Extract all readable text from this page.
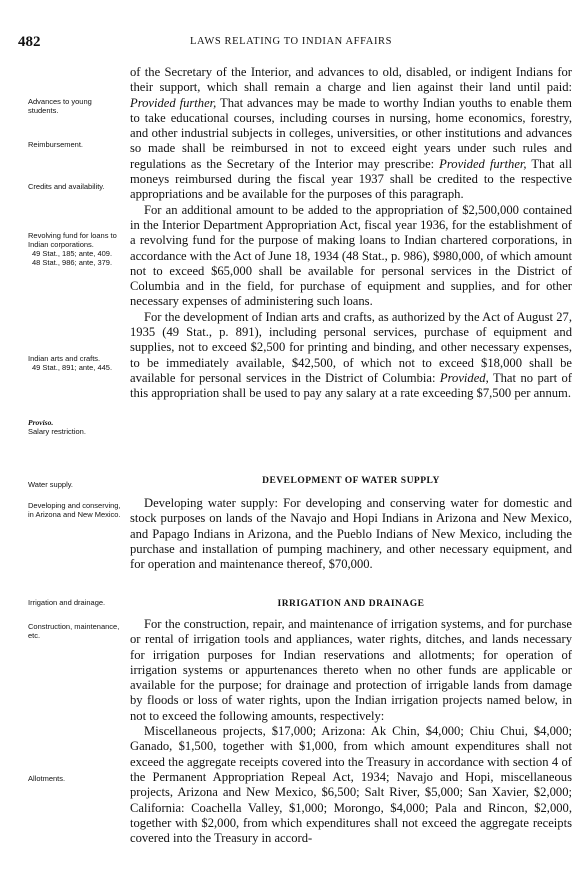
482	LAWS RELATING TO INDIAN AFFAIRS
Advances to young students.
Reimbursement.
Credits and availability.
Revolving fund for loans to Indian corporations.
49 Stat., 185; ante, 409.
48 Stat., 986; ante, 379.
Indian arts and crafts.
49 Stat., 891; ante, 445.
Proviso.
Salary restriction.
Water supply.
Developing and conserving, in Arizona and New Mexico.
Irrigation and drainage.
Construction, maintenance, etc.
Allotments.

of the Secretary of the Interior, and advances to old, disabled, or indigent Indians for their support, which shall remain a charge and lien against their land until paid: Provided further, That advances may be made to worthy Indian youths to enable them to take educational courses, including courses in nursing, home economics, forestry, and other industrial subjects in colleges, universities, or other institutions and advances so made shall be reimbursed in not to exceed eight years under such rules and regulations as the Secretary of the Interior may prescribe: Provided further, That all moneys reimbursed during the fiscal year 1937 shall be credited to the respective appropriations and be available for the purposes of this paragraph.

For an additional amount to be added to the appropriation of $2,500,000 contained in the Interior Department Appropriation Act, fiscal year 1936, for the establishment of a revolving fund for the purpose of making loans to Indian chartered corporations, in accordance with the Act of June 18, 1934 (48 Stat., p. 986), $980,000, of which amount not to exceed $65,000 shall be available for personal services in the District of Columbia and in the field, for purchase of equipment and supplies, and for other necessary expenses of administering such loans.

For the development of Indian arts and crafts, as authorized by the Act of August 27, 1935 (49 Stat., p. 891), including personal services, purchase of equipment and supplies, not to exceed $2,500 for printing and binding, and other necessary expenses, to be immediately available, $42,500, of which not to exceed $18,000 shall be available for personal services in the District of Columbia: Provided, That no part of this appropriation shall be used to pay any salary at a rate exceeding $7,500 per annum.

DEVELOPMENT OF WATER SUPPLY

Developing water supply: For developing and conserving water for domestic and stock purposes on lands of the Navajo and Hopi Indians in Arizona and New Mexico, and Papago Indians in Arizona, and the Pueblo Indians of New Mexico, including the purchase and installation of pumping machinery, and other necessary equipment, and for operation and maintenance thereof, $70,000.

IRRIGATION AND DRAINAGE

For the construction, repair, and maintenance of irrigation systems, and for purchase or rental of irrigation tools and appliances, water rights, ditches, and lands necessary for irrigation purposes for Indian reservations and allotments; for operation of irrigation systems or appurtenances thereto when no other funds are applicable or available for the purpose; for drainage and protection of irrigable lands from damage by floods or loss of water rights, upon the Indian irrigation projects named below, in not to exceed the following amounts, respectively:

Miscellaneous projects, $17,000; Arizona: Ak Chin, $4,000; Chiu Chui, $4,000; Ganado, $1,500, together with $1,000, from which amount expenditures shall not exceed the aggregate receipts covered into the Treasury in accordance with section 4 of the Permanent Appropriation Repeal Act, 1934; Navajo and Hopi, miscellaneous projects, Arizona and New Mexico, $6,500; Salt River, $5,000; San Xavier, $2,000; California: Coachella Valley, $1,000; Morongo, $4,000; Pala and Rincon, $2,000, together with $2,000, from which expenditures shall not exceed the aggregate receipts covered into the Treasury in accord-
